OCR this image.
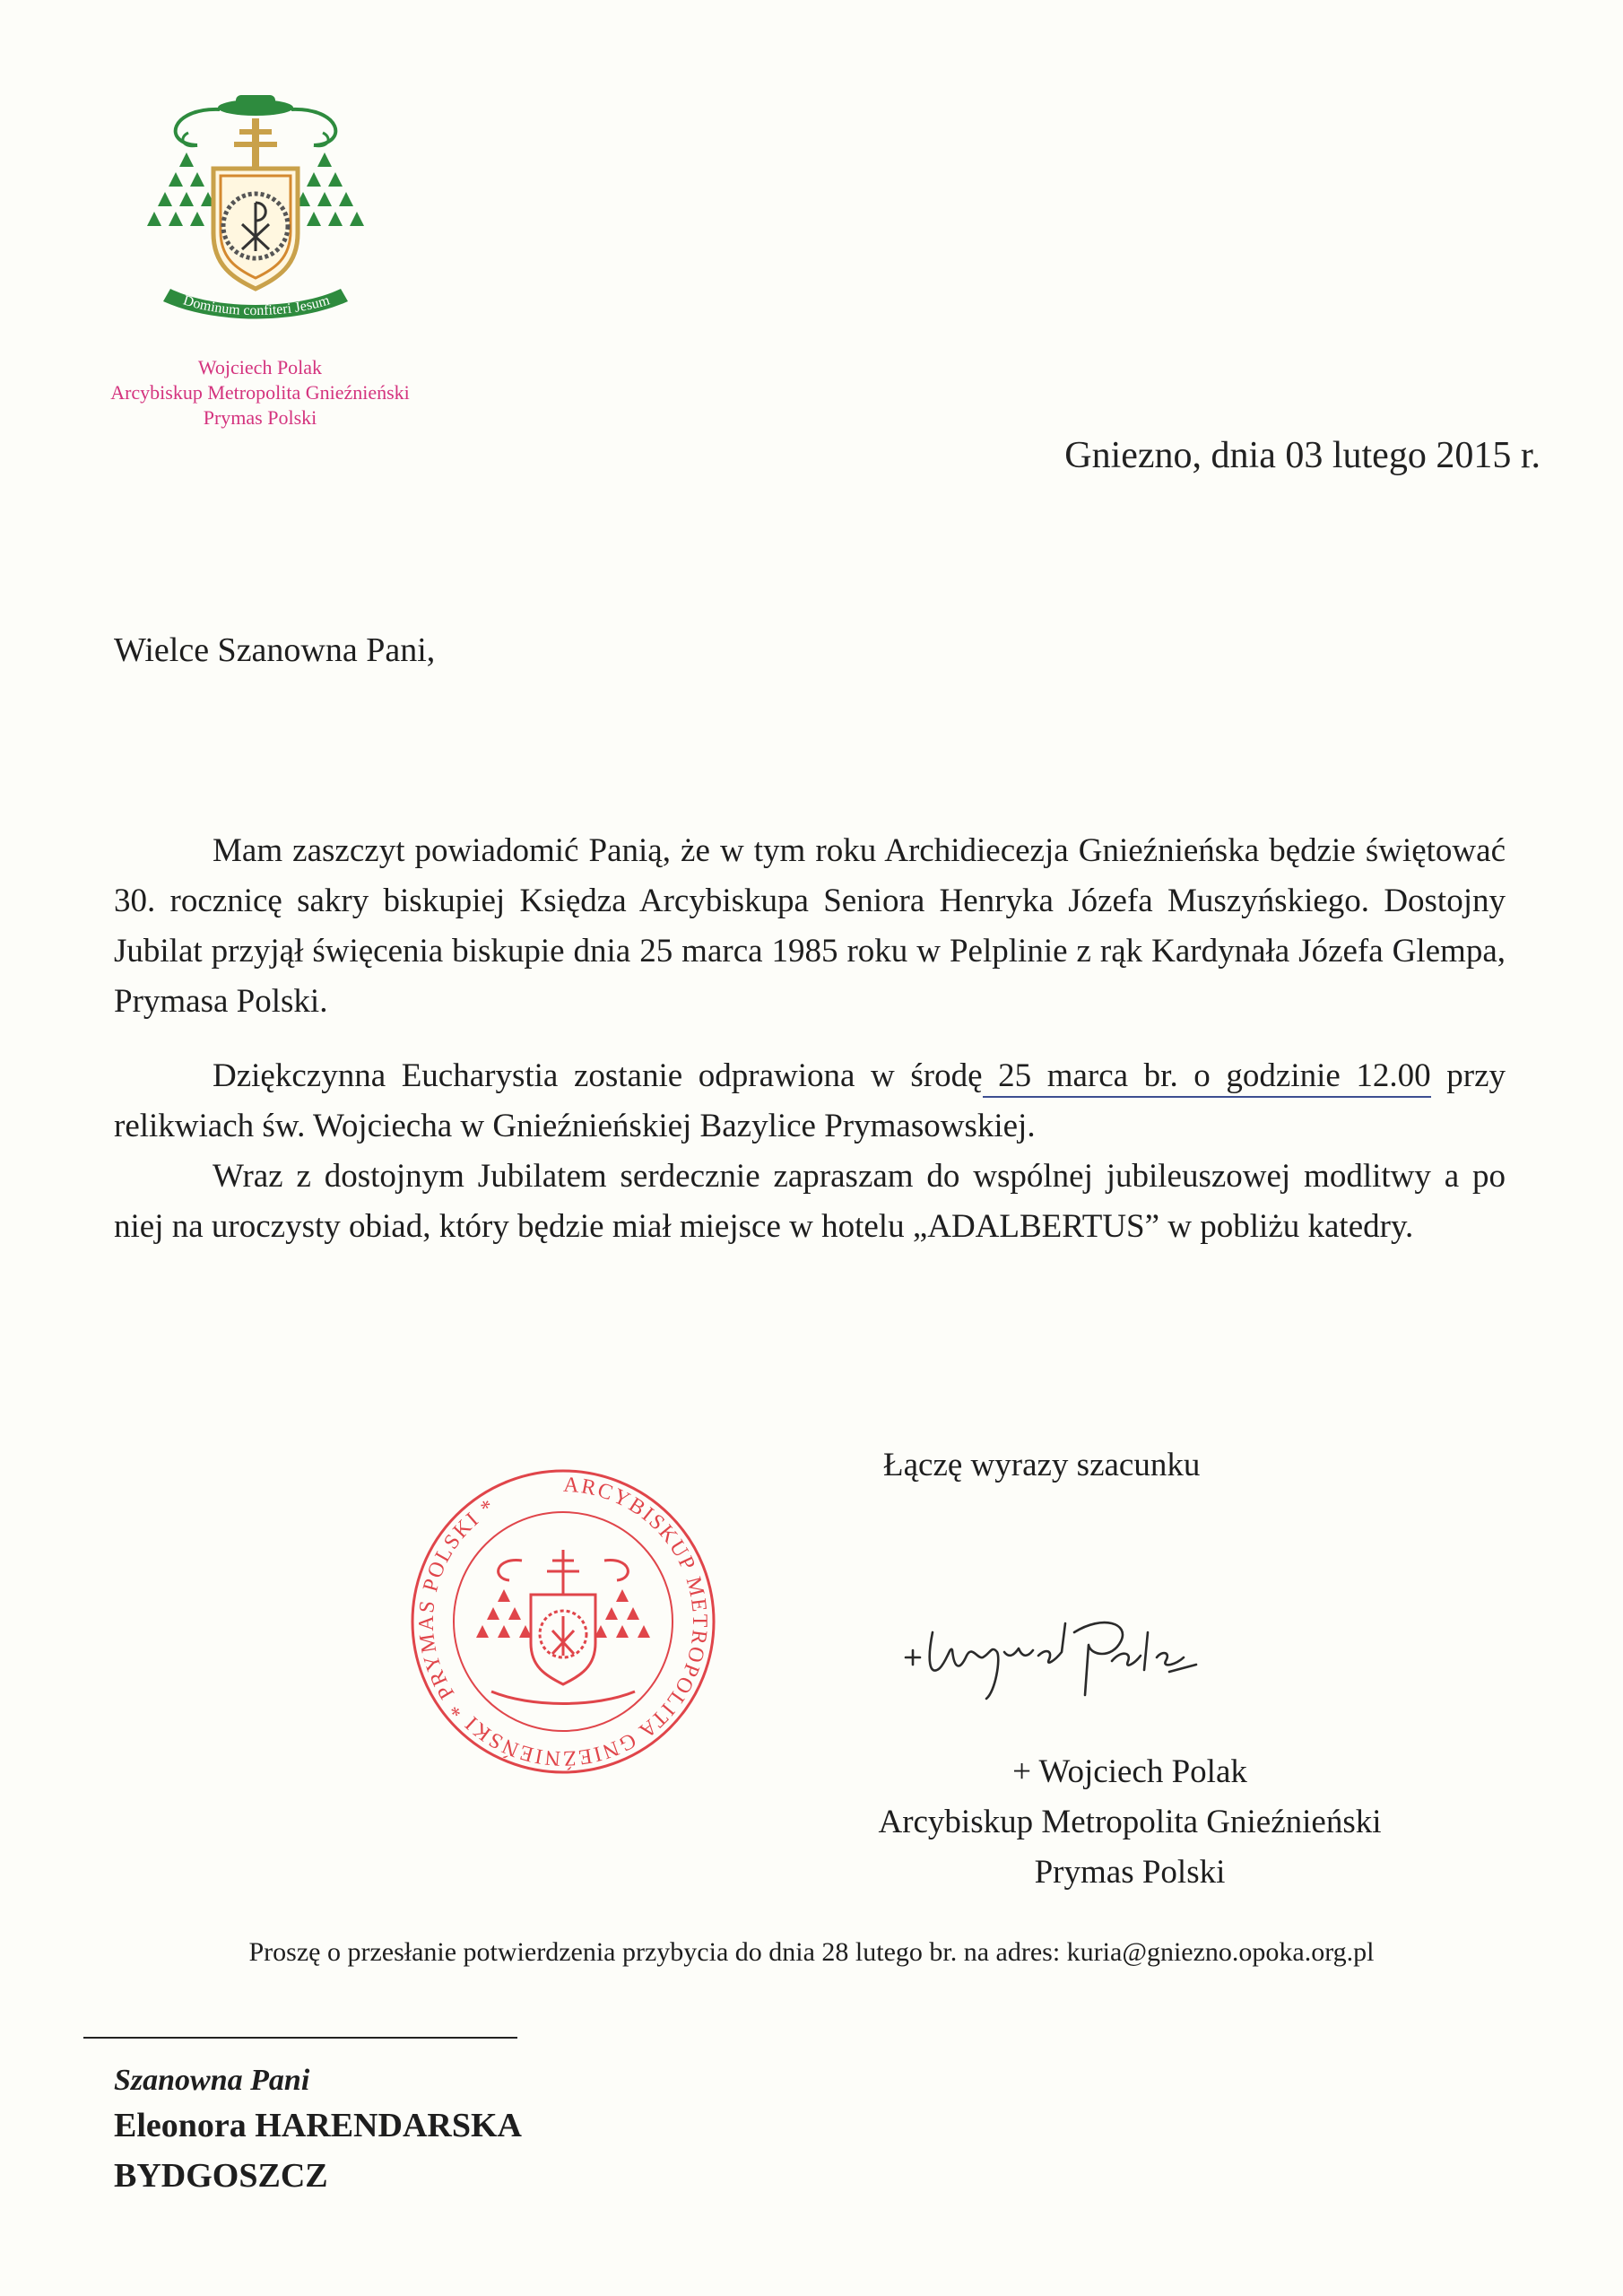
Dominum confiteri Jesum
Wojciech Polak
Arcybiskup Metropolita Gnieźnieński
Prymas Polski
Gniezno, dnia 03 lutego 2015 r.
Wielce Szanowna Pani,

Mam zaszczyt powiadomić Panią, że w tym roku Archidiecezja Gnieźnieńska będzie świętować 30. rocznicę sakry biskupiej Księdza Arcybiskupa Seniora Henryka Józefa Muszyńskiego. Dostojny Jubilat przyjął święcenia biskupie dnia 25 marca 1985 roku w Pelplinie z rąk Kardynała Józefa Glempa, Prymasa Polski.

Dziękczynna Eucharystia zostanie odprawiona w środę 25 marca br. o godzinie 12.00 przy relikwiach św. Wojciecha w Gnieźnieńskiej Bazylice Prymasowskiej.

Wraz z dostojnym Jubilatem serdecznie zapraszam do wspólnej jubileuszowej modlitwy a po niej na uroczysty obiad, który będzie miał miejsce w hotelu „ADALBERTUS” w pobliżu katedry.

Łączę wyrazy szacunku
ARCYBISKUP METROPOLITA GNIEŹNIEŃSKI * PRYMAS POLSKI *
+ Wojciech Polak
Arcybiskup Metropolita Gnieźnieński
Prymas Polski
Proszę o przesłanie potwierdzenia przybycia do dnia 28 lutego br. na adres: kuria@gniezno.opoka.org.pl
Szanowna Pani
Eleonora HARENDARSKA
BYDGOSZCZ
